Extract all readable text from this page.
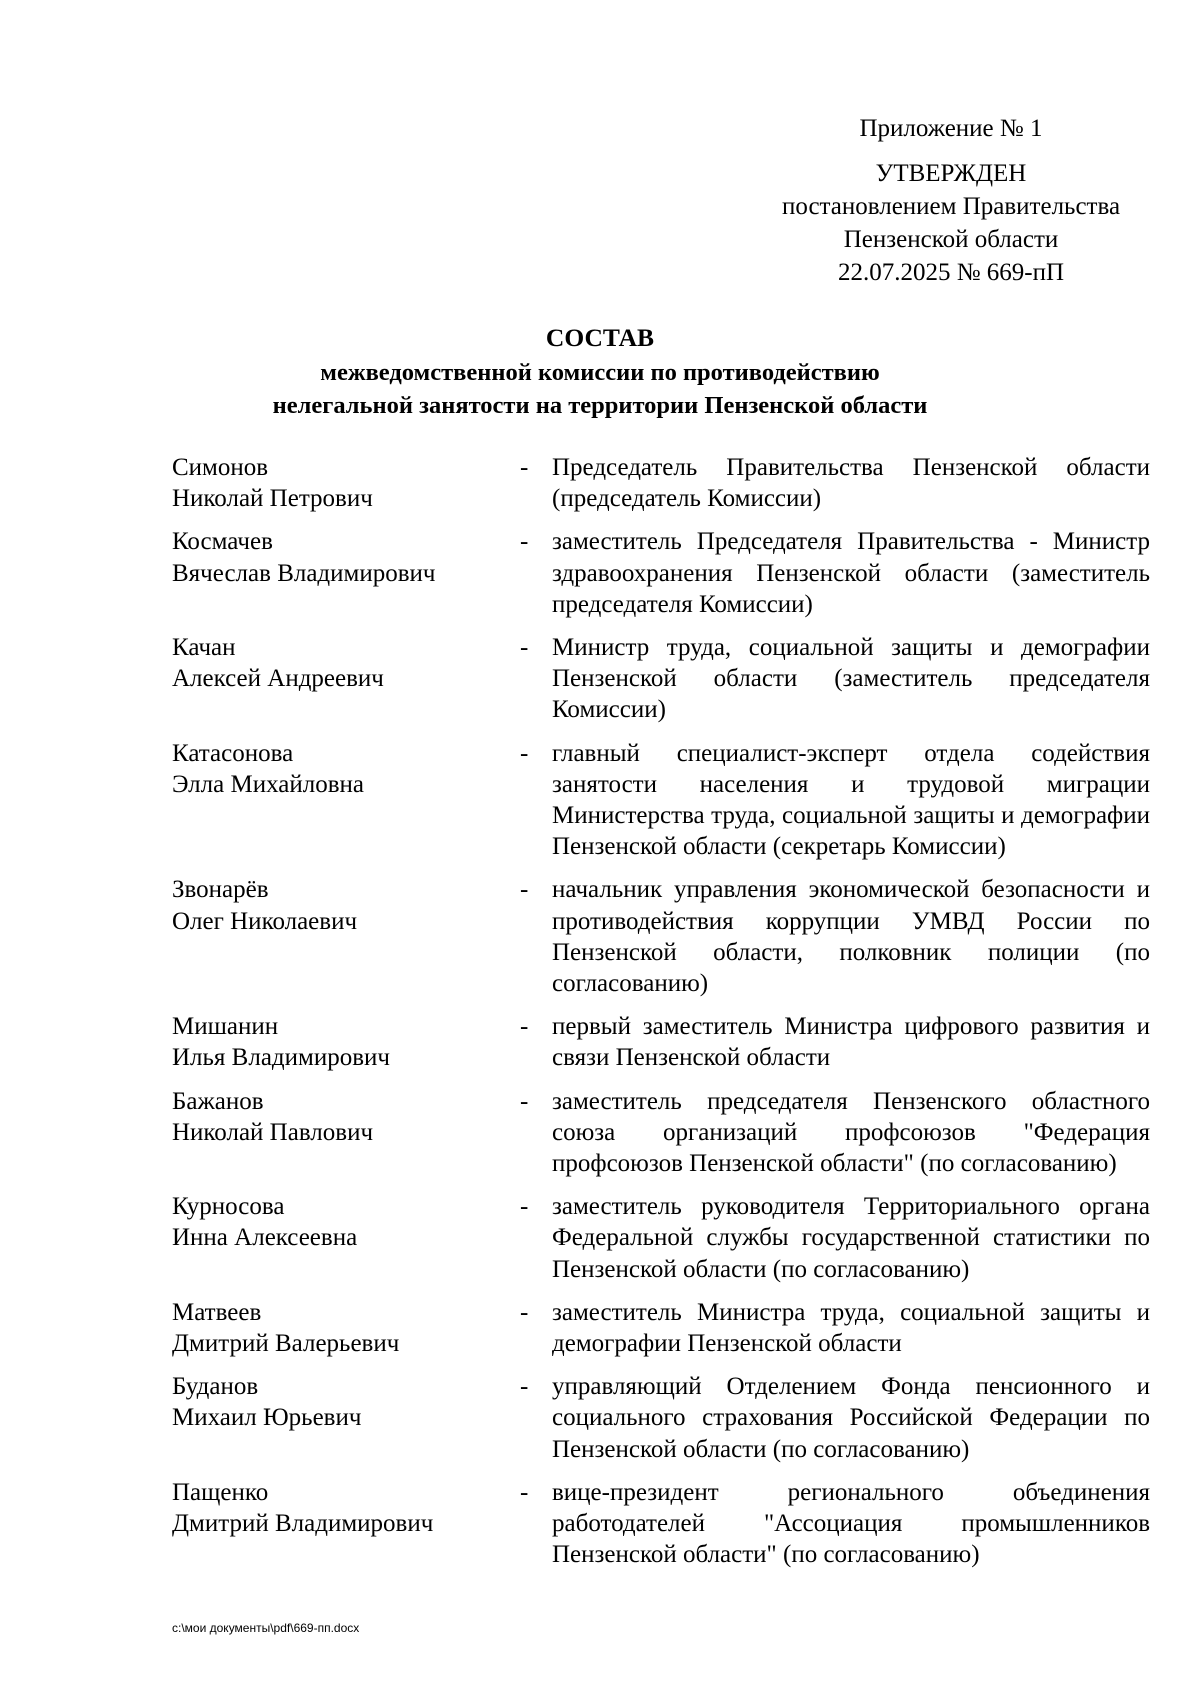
Приложение № 1
УТВЕРЖДЕН
постановлением Правительства
Пензенской области
22.07.2025 № 669-пП
СОСТАВ
межведомственной комиссии по противодействию
нелегальной занятости на территории Пензенской области
Симонов
Николай Петрович
- Председатель Правительства Пензенской области (председатель Комиссии)
Космачев
Вячеслав Владимирович
- заместитель Председателя Правительства - Министр здравоохранения Пензенской области (заместитель председателя Комиссии)
Качан
Алексей Андреевич
- Министр труда, социальной защиты и демографии Пензенской области (заместитель председателя Комиссии)
Катасонова
Элла Михайловна
- главный специалист-эксперт отдела содействия занятости населения и трудовой миграции Министерства труда, социальной защиты и демографии Пензенской области (секретарь Комиссии)
Звонарёв
Олег Николаевич
- начальник управления экономической безопасности и противодействия коррупции УМВД России по Пензенской области, полковник полиции (по согласованию)
Мишанин
Илья Владимирович
- первый заместитель Министра цифрового развития и связи Пензенской области
Бажанов
Николай Павлович
- заместитель председателя Пензенского областного союза организаций профсоюзов "Федерация профсоюзов Пензенской области" (по согласованию)
Курносова
Инна Алексеевна
- заместитель руководителя Территориального органа Федеральной службы государственной статистики по Пензенской области (по согласованию)
Матвеев
Дмитрий Валерьевич
- заместитель Министра труда, социальной защиты и демографии Пензенской области
Буданов
Михаил Юрьевич
- управляющий Отделением Фонда пенсионного и социального страхования Российской Федерации по Пензенской области (по согласованию)
Пащенко
Дмитрий Владимирович
- вице-президент регионального объединения работодателей "Ассоциация промышленников Пензенской области" (по согласованию)
c:\мои документы\pdf\669-пп.docx
